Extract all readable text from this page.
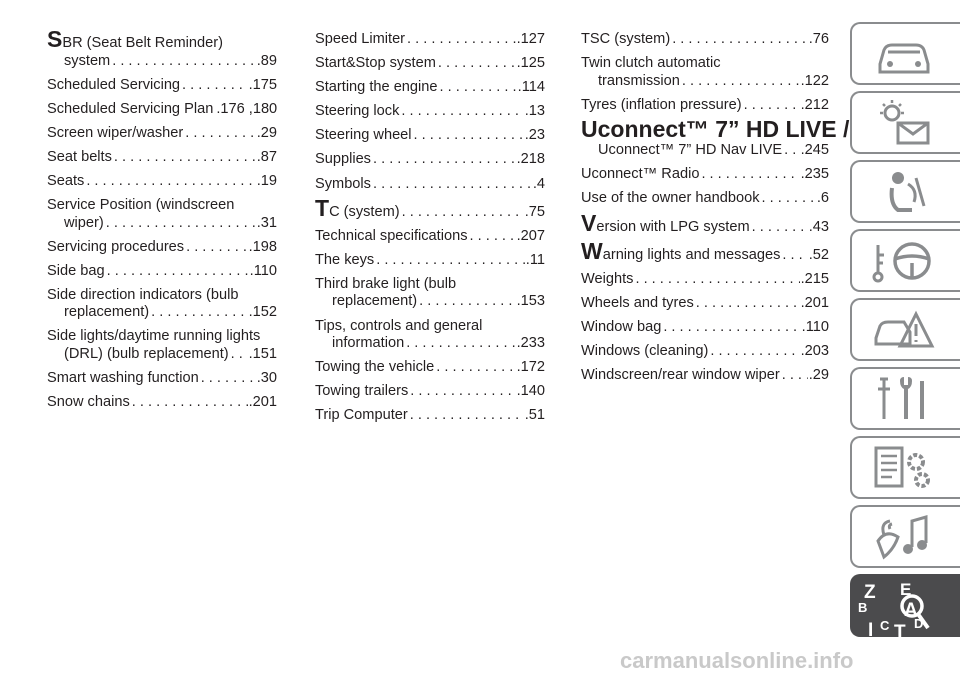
S BR (Seat Belt Reminder)
system . . .	.89
Scheduled Servicing . . .	.175
Scheduled Servicing Plan .176 ,180
Screen wiper/washer . . .	.29
Seat belts . . .	.87
Seats . . .	.19
Service Position (windscreen
wiper) . . .	.31
Servicing procedures . . .	.198
Side bag . . .	.110
Side direction indicators (bulb
replacement) . . .	.152
Side lights/daytime running lights
(DRL) (bulb replacement) . . . .151
Smart washing function . . .	.30
Snow chains . . .	.201
Speed Limiter . . .	.127
Start&Stop system . . .	.125
Starting the engine . . .	.114
Steering lock . . .	.13
Steering wheel . . .	.23
Supplies . . .	.218
Symbols . . .	.4
T C (system) . . .	.75
Technical specifications . . .	.207
The keys . . .	.11
Third brake light (bulb
replacement) . . .	.153
Tips, controls and general
information . . .	.233
Towing the vehicle . . .	.172
Towing trailers . . .	.140
Trip Computer . . .	.51
TSC (system) . . .	.76
Twin clutch automatic
transmission . . .	.122
Tyres (inflation pressure) . . .	.212
U connect™ 7” HD LIVE /
Uconnect™ 7” HD Nav LIVE . . . .245
Uconnect™ Radio . . .	.235
Use of the owner handbook . . .	.6
V ersion with LPG system . . .	.43
W arning lights and messages . . . .52
Weights . . .	.215
Wheels and tyres . . .	.201
Window bag . . .	.110
Windows (cleaning) . . .	.203
Windscreen/rear window wiper . . . .29
Z E
B A
D
I C T
carmanualsonline.info
